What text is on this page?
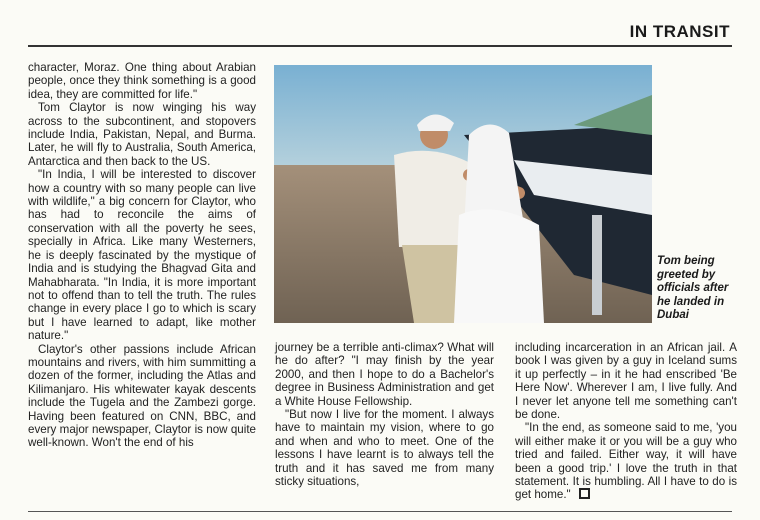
IN TRANSIT

character, Moraz. One thing about Arabian people, once they think something is a good idea, they are committed for life."

Tom Claytor is now winging his way across to the subcontinent, and stopovers include India, Pakistan, Nepal, and Burma. Later, he will fly to Australia, South America, Antarctica and then back to the US.

"In India, I will be interested to discover how a country with so many people can live with wildlife," a big concern for Claytor, who has had to reconcile the aims of conservation with all the poverty he sees, specially in Africa. Like many Westerners, he is deeply fascinated by the mystique of India and is studying the Bhagvad Gita and Mahabharata. "In India, it is more important not to offend than to tell the truth. The rules change in every place I go to which is scary but I have learned to adapt, like mother nature."

Claytor's other passions include African mountains and rivers, with him summitting a dozen of the former, including the Atlas and Kilimanjaro. His whitewater kayak descents include the Tugela and the Zambezi gorge. Having been featured on CNN, BBC, and every major newspaper, Claytor is now quite well-known. Won't the end of his

Tom being greeted by officials after he landed in Dubai

journey be a terrible anti-climax? What will he do after? "I may finish by the year 2000, and then I hope to do a Bachelor's degree in Business Administration and get a White House Fellowship.

"But now I live for the moment. I always have to maintain my vision, where to go and when and who to meet. One of the lessons I have learnt is to always tell the truth and it has saved me from many sticky situations,

including incarceration in an African jail. A book I was given by a guy in Iceland sums it up perfectly – in it he had enscribed 'Be Here Now'. Wherever I am, I live fully. And I never let anyone tell me something can't be done.

"In the end, as someone said to me, 'you will either make it or you will be a guy who tried and failed. Either way, it will have been a good trip.' I love the truth in that statement. It is humbling. All I have to do is get home."
